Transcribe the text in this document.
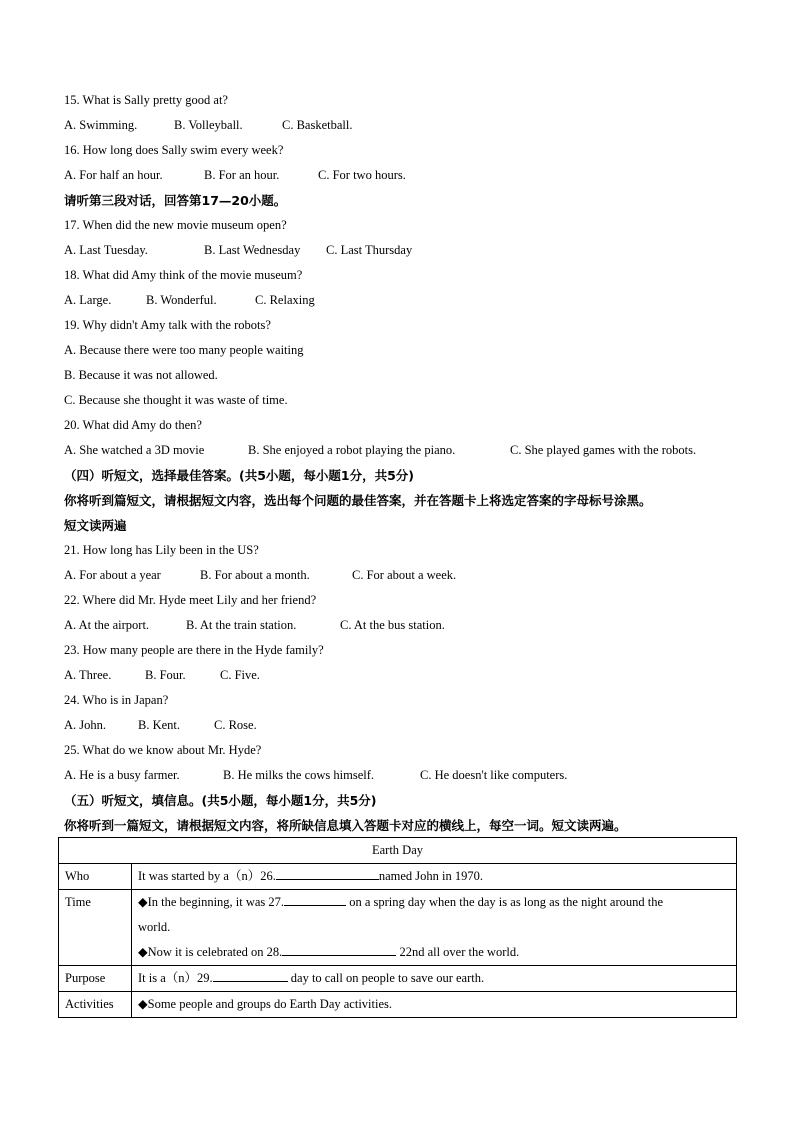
15. What is Sally pretty good at?
A. Swimming.	B. Volleyball.	C. Basketball.
16. How long does Sally swim every week?
A. For half an hour.	B. For an hour.	C. For two hours.
请听第三段对话，回答第17—20小题。
17. When did the new movie museum open?
A. Last Tuesday.	B. Last Wednesday C. Last Thursday
18. What did Amy think of the movie museum?
A. Large.	B. Wonderful.	C. Relaxing
19. Why didn't Amy talk with the robots?
A. Because there were too many people waiting
B. Because it was not allowed.
C. Because she thought it was waste of time.
20. What did Amy do then?
A. She watched a 3D movie	B. She enjoyed a robot playing the piano.	C. She played games with the robots.
（四）听短文，选择最佳答案。(共5小题，每小题1分，共5分)
你将听到篇短文，请根据短文内容，选出每个问题的最佳答案，并在答题卡上将选定答案的字母标号涂黑。
短文读两遍
21. How long has Lily been in the US?
A. For about a year	B. For about a month.	C. For about a week.
22. Where did Mr. Hyde meet Lily and her friend?
A. At the airport.	B. At the train station.	C. At the bus station.
23. How many people are there in the Hyde family?
A. Three.	B. Four.	C. Five.
24. Who is in Japan?
A. John.	B. Kent.	C. Rose.
25. What do we know about Mr. Hyde?
A. He is a busy farmer.	B. He milks the cows himself.	C. He doesn't like computers.
（五）听短文，填信息。(共5小题，每小题1分，共5分)
你将听到一篇短文，请根据短文内容，将所缺信息填入答题卡对应的横线上，每空一词。短文读两遍。
Earth Day	
Who	It was started by a（n）26. named John in 1970.
Time	◆In the beginning, it was 27. on a spring day when the day is as long as the night around the
world.
◆Now it is celebrated on 28. 22nd all over the world.

Purpose	It is a（n）29. day to call on people to save our earth.
Activities	◆Some people and groups do Earth Day activities.
